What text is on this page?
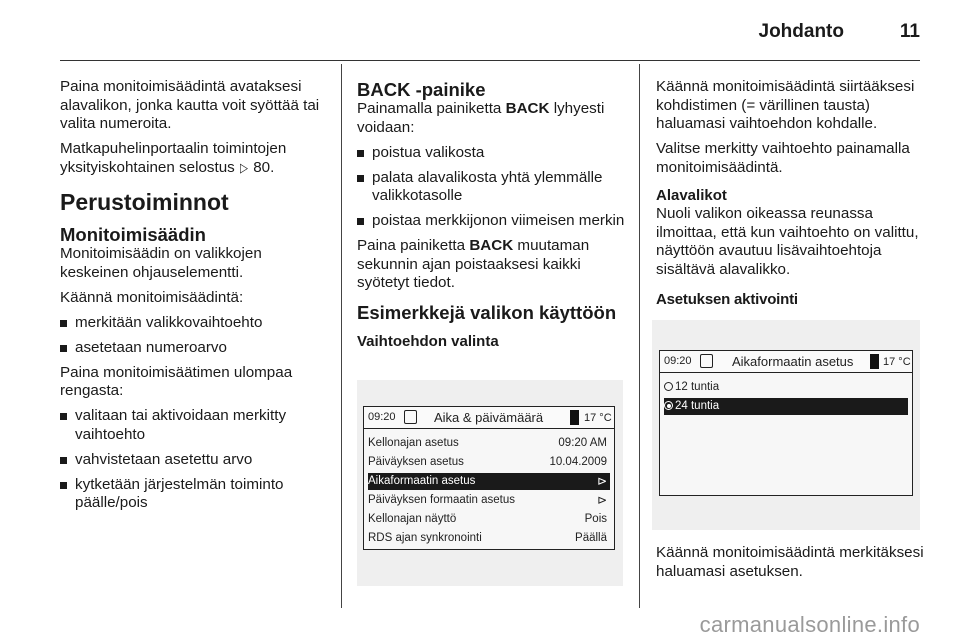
Johdanto	11

Paina monitoimisäädintä avataksesi alavalikon, jonka kautta voit syöttää tai valita numeroita.

Matkapuhelinportaalin toimintojen yksityiskohtainen selostus ▷ 80.

Perustoiminnot
Monitoimisäädin

Monitoimisäädin on valikkojen keskeinen ohjauselementti.

Käännä monitoimisäädintä:

merkitään valikkovaihtoehto
asetetaan numeroarvo

Paina monitoimisäätimen ulompaa rengasta:

valitaan tai aktivoidaan merkitty vaihtoehto
vahvistetaan asetettu arvo
kytketään järjestelmän toiminto päälle/pois
BACK -painike

Painamalla painiketta BACK lyhyesti voidaan:

poistua valikosta
palata alavalikosta yhtä ylemmälle valikkotasolle
poistaa merkkijonon viimeisen merkin

Paina painiketta BACK muutaman sekunnin ajan poistaaksesi kaikki syötetyt tiedot.

Esimerkkejä valikon käyttöön
Vaihtoehdon valinta
09:20	Aika & päivämäärä	17 °C
Kellonajan asetus	09:20 AM
Päiväyksen asetus	10.04.2009
Aikaformaatin asetus	⊳
Päiväyksen formaatin asetus	⊳
Kellonajan näyttö	Pois
RDS ajan synkronointi	Päällä

Käännä monitoimisäädintä siirtääksesi kohdistimen (= värillinen tausta) haluamasi vaihtoehdon kohdalle.

Valitse merkitty vaihtoehto painamalla monitoimisäädintä.

Alavalikot

Nuoli valikon oikeassa reunassa ilmoittaa, että kun vaihtoehto on valittu, näyttöön avautuu lisävaihtoehtoja sisältävä alavalikko.

Asetuksen aktivointi
09:20	Aikaformaatin asetus	17 °C
12 tuntia
24 tuntia

Käännä monitoimisäädintä merkitäksesi haluamasi asetuksen.

carmanualsonline.info
